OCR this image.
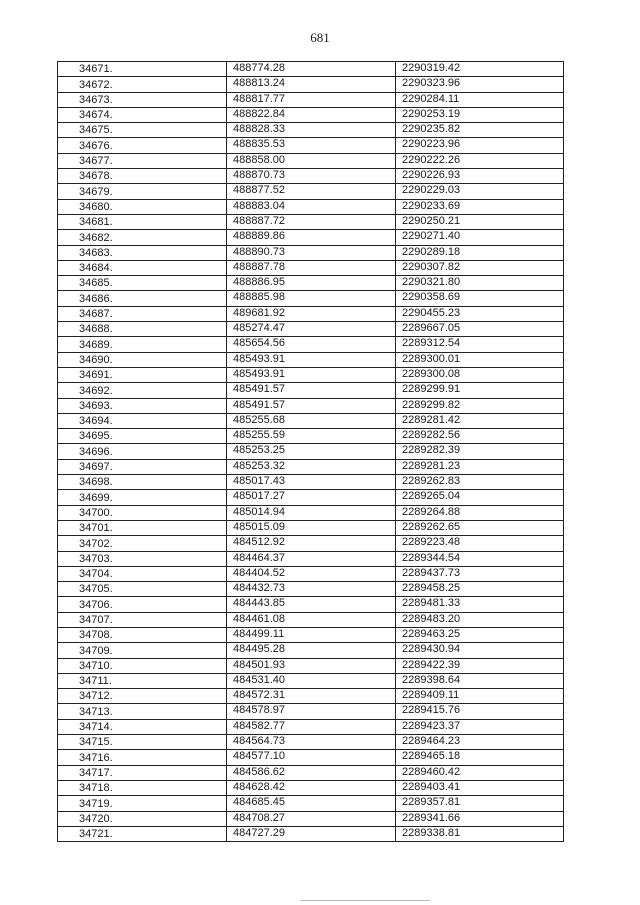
681
34671.	488774.28	2290319.42
34672.	488813.24	2290323.96
34673.	488817.77	2290284.11
34674.	488822.84	2290253.19
34675.	488828.33	2290235.82
34676.	488835.53	2290223.96
34677.	488858.00	2290222.26
34678.	488870.73	2290226.93
34679.	488877.52	2290229.03
34680.	488883.04	2290233.69
34681.	488887.72	2290250.21
34682.	488889.86	2290271.40
34683.	488890.73	2290289.18
34684.	488887.78	2290307.82
34685.	488886.95	2290321.80
34686.	488885.98	2290358.69
34687.	489681.92	2290455.23
34688.	485274.47	2289667.05
34689.	485654.56	2289312.54
34690.	485493.91	2289300.01
34691.	485493.91	2289300.08
34692.	485491.57	2289299.91
34693.	485491.57	2289299.82
34694.	485255.68	2289281.42
34695.	485255.59	2289282.56
34696.	485253.25	2289282.39
34697.	485253.32	2289281.23
34698.	485017.43	2289262.83
34699.	485017.27	2289265.04
34700.	485014.94	2289264.88
34701.	485015.09	2289262.65
34702.	484512.92	2289223.48
34703.	484464.37	2289344.54
34704.	484404.52	2289437.73
34705.	484432.73	2289458.25
34706.	484443.85	2289481.33
34707.	484461.08	2289483.20
34708.	484499.11	2289463.25
34709.	484495.28	2289430.94
34710.	484501.93	2289422.39
34711.	484531.40	2289398.64
34712.	484572.31	2289409.11
34713.	484578.97	2289415.76
34714.	484582.77	2289423.37
34715.	484564.73	2289464.23
34716.	484577.10	2289465.18
34717.	484586.62	2289460.42
34718.	484628.42	2289403.41
34719.	484685.45	2289357.81
34720.	484708.27	2289341.66
34721.	484727.29	2289338.81
